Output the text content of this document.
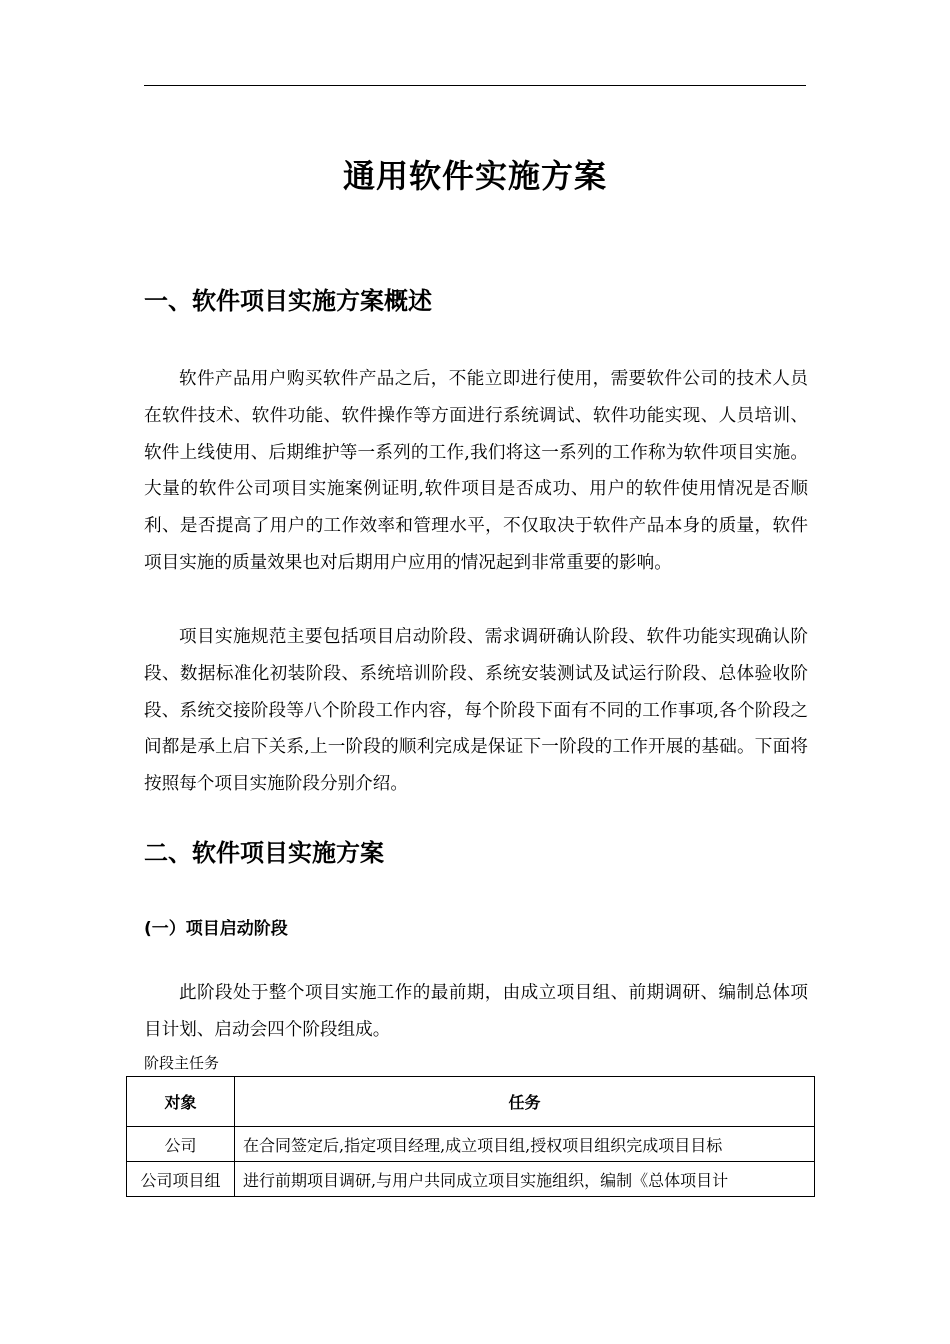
通用软件实施方案
一、软件项目实施方案概述

软件产品用户购买软件产品之后，不能立即进行使用，需要软件公司的技术人员在软件技术、软件功能、软件操作等方面进行系统调试、软件功能实现、人员培训、软件上线使用、后期维护等一系列的工作,我们将这一系列的工作称为软件项目实施。大量的软件公司项目实施案例证明,软件项目是否成功、用户的软件使用情况是否顺利、是否提高了用户的工作效率和管理水平，不仅取决于软件产品本身的质量，软件项目实施的质量效果也对后期用户应用的情况起到非常重要的影响。

项目实施规范主要包括项目启动阶段、需求调研确认阶段、软件功能实现确认阶段、数据标准化初装阶段、系统培训阶段、系统安装测试及试运行阶段、总体验收阶段、系统交接阶段等八个阶段工作内容，每个阶段下面有不同的工作事项,各个阶段之间都是承上启下关系,上一阶段的顺利完成是保证下一阶段的工作开展的基础。下面将按照每个项目实施阶段分别介绍。

二、软件项目实施方案
(一）项目启动阶段

此阶段处于整个项目实施工作的最前期，由成立项目组、前期调研、编制总体项目计划、启动会四个阶段组成。

阶段主任务
对象	任务
公司	在合同签定后,指定项目经理,成立项目组,授权项目组织完成项目目标
公司项目组	进行前期项目调研,与用户共同成立项目实施组织，编制《总体项目计
